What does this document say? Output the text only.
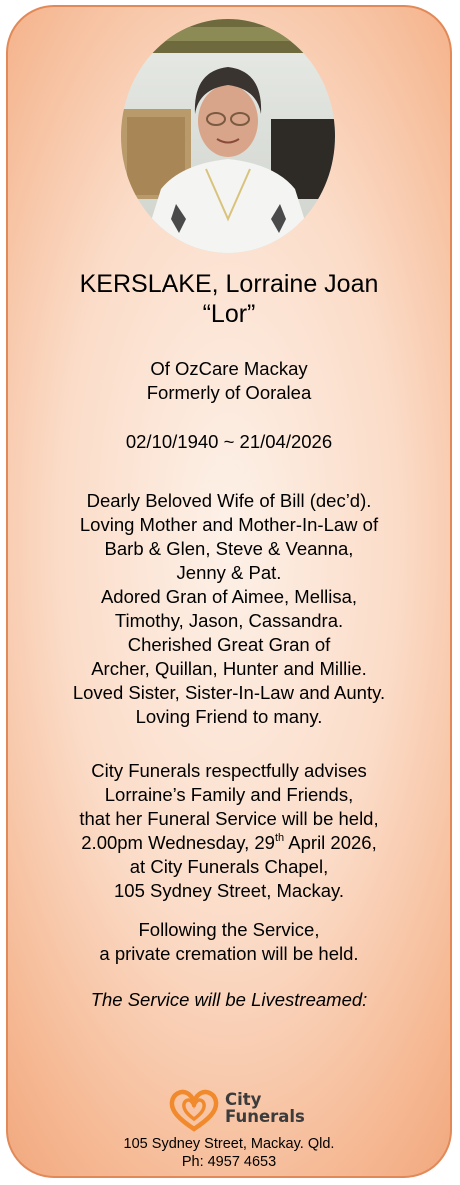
KERSLAKE, Lorraine Joan
“Lor”
Of OzCare Mackay
Formerly of Ooralea
02/10/1940 ~ 21/04/2026
Dearly Beloved Wife of Bill (dec’d).
Loving Mother and Mother-In-Law of
Barb & Glen, Steve & Veanna,
Jenny & Pat.
Adored Gran of Aimee, Mellisa,
Timothy, Jason, Cassandra.
Cherished Great Gran of
Archer, Quillan, Hunter and Millie.
Loved Sister, Sister-In-Law and Aunty.
Loving Friend to many.
City Funerals respectfully advises
Lorraine’s Family and Friends,
that her Funeral Service will be held,
2.00pm Wednesday, 29th April 2026,
at City Funerals Chapel,
105 Sydney Street, Mackay.
Following the Service,
a private cremation will be held.
The Service will be Livestreamed:
City
Funerals
105 Sydney Street, Mackay. Qld.
Ph: 4957 4653
